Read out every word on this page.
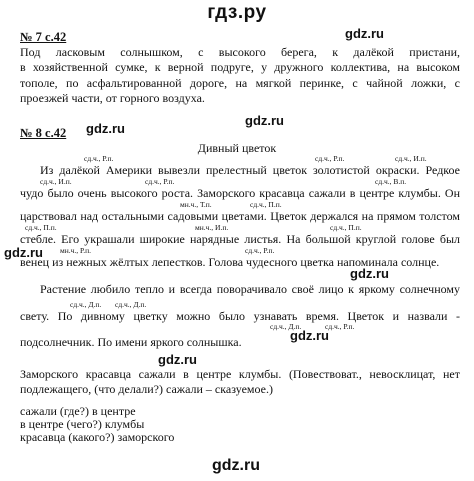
гдз.ру
gdz.ru
gdz.ru
gdz.ru
gdz.ru
gdz.ru
gdz.ru
gdz.ru
gdz.ru
№ 7 с.42
Под ласковым солнышком, с высокого берега, к далёкой пристани,
в хозяйственной сумке, к верной подруге, у дружного коллектива, на высоком
тополе, по асфальтированной дороге, на мягкой перинке, с чайной ложки, с
проезжей части, от горного воздуха.
№ 8 с.42
Дивный цветок
сд.ч., Р.п.	сд.ч., Р.п.	сд.ч., И.п.
Из далёкой Америки вывезли прелестный цветок золотистой окраски. Редкое
сд.ч., И.п.	сд.ч., Р.п.	сд.ч., В.п.
чудо было очень высокого роста. Заморского красавца сажали в центре клумбы. Он
мн.ч., Т.п.	сд.ч., П.п.
царствовал над остальными садовыми цветами. Цветок держался на прямом толстом
сд.ч., П.п.	мн.ч., И.п.	сд.ч., П.п.
стебле. Его украшали широкие нарядные листья. На большой круглой голове был
мн.ч., Р.п.	сд.ч., Р.п.
венец из нежных жёлтых лепестков. Голова чудесного цветка напоминала солнце.
Растение любило тепло и всегда поворачивало своё лицо к яркому солнечному
сд.ч., Д.п. сд.ч., Д.п.
свету. По дивному цветку можно было узнавать время. Цветок и назвали -
сд.ч., Д.п.	сд.ч., Р.п.
подсолнечник. По имени яркого солнышка.
Заморского красавца сажали в центре клумбы. (Повествоват., невосклицат, нет
подлежащего, (что делали?) сажали – сказуемое.)
сажали (где?) в центре
в центре (чего?) клумбы
красавца (какого?) заморского
